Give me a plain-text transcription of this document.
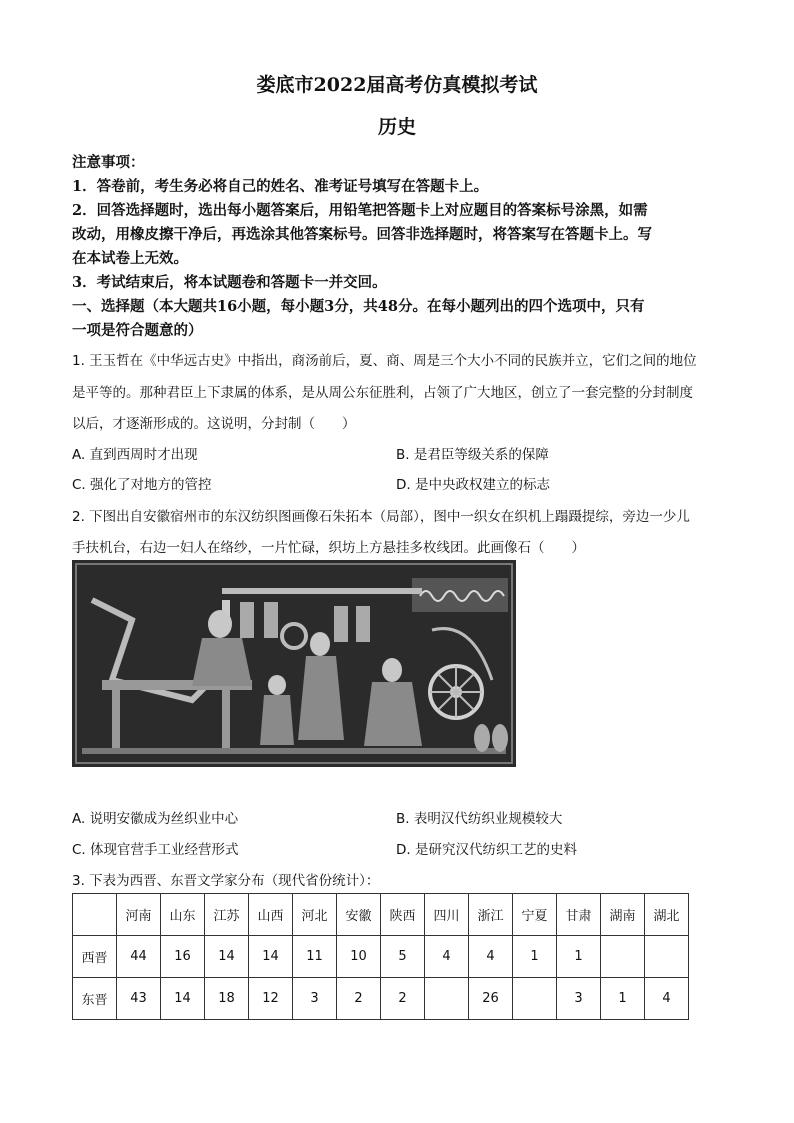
娄底市2022届高考仿真模拟考试
历史
注意事项：
1．答卷前，考生务必将自己的姓名、准考证号填写在答题卡上。
2．回答选择题时，选出每小题答案后，用铅笔把答题卡上对应题目的答案标号涂黑，如需
改动，用橡皮擦干净后，再选涂其他答案标号。回答非选择题时，将答案写在答题卡上。写
在本试卷上无效。
3．考试结束后，将本试题卷和答题卡一并交回。
一、选择题（本大题共16小题，每小题3分，共48分。在每小题列出的四个选项中，只有
一项是符合题意的）
1. 王玉哲在《中华远古史》中指出，商汤前后，夏、商、周是三个大小不同的民族并立，它们之间的地位
是平等的。那种君臣上下隶属的体系，是从周公东征胜利，占领了广大地区，创立了一套完整的分封制度
以后，才逐渐形成的。这说明，分封制（　　）
A. 直到西周时才出现	B. 是君臣等级关系的保障
C. 强化了对地方的管控	D. 是中央政权建立的标志
2. 下图出自安徽宿州市的东汉纺织图画像石朱拓本（局部），图中一织女在织机上蹋蹑提综，旁边一少儿
手扶机台，右边一妇人在络纱，一片忙碌，织坊上方悬挂多枚线团。此画像石（　　）
A. 说明安徽成为丝织业中心	B. 表明汉代纺织业规模较大
C. 体现官营手工业经营形式	D. 是研究汉代纺织工艺的史料
3. 下表为西晋、东晋文学家分布（现代省份统计）：
	河南	山东	江苏	山西	河北	安徽	陕西	四川	浙江	宁夏	甘肃	湖南	湖北
西晋	44	16	14	14	11	10	5	4	4	1	1		
东晋	43	14	18	12	3	2	2		26		3	1	4
